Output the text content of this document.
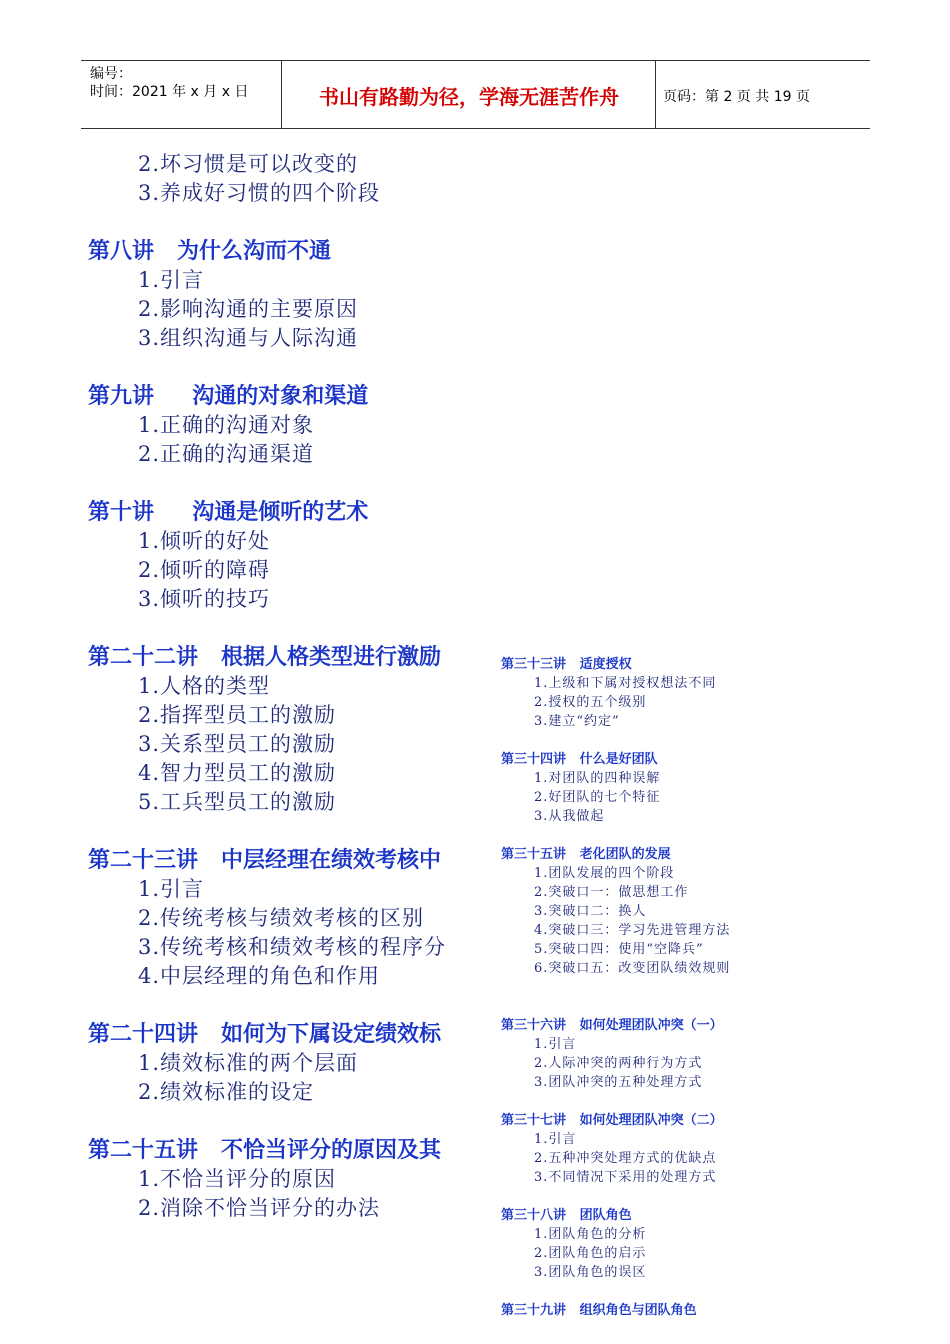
编号：
时间：2021 年 x 月 x 日	书山有路勤为径，学海无涯苦作舟	页码：第 2 页 共 19 页
2.坏习惯是可以改变的
3.养成好习惯的四个阶段
第八讲   为什么沟而不通
1.引言
2.影响沟通的主要原因
3.组织沟通与人际沟通
第九讲     沟通的对象和渠道
1.正确的沟通对象
2.正确的沟通渠道
第十讲     沟通是倾听的艺术
1.倾听的好处
2.倾听的障碍
3.倾听的技巧
第二十二讲   根据人格类型进行激励
1.人格的类型
2.指挥型员工的激励
3.关系型员工的激励
4.智力型员工的激励
5.工兵型员工的激励
第二十三讲   中层经理在绩效考核中
1.引言
2.传统考核与绩效考核的区别
3.传统考核和绩效考核的程序分
4.中层经理的角色和作用
第二十四讲   如何为下属设定绩效标
1.绩效标准的两个层面
2.绩效标准的设定
第二十五讲   不恰当评分的原因及其
1.不恰当评分的原因
2.消除不恰当评分的办法
第三十三讲   适度授权
1.上级和下属对授权想法不同
2.授权的五个级别
3.建立“约定”
第三十四讲   什么是好团队
1.对团队的四种误解
2.好团队的七个特征
3.从我做起
第三十五讲   老化团队的发展
1.团队发展的四个阶段
2.突破口一：做思想工作
3.突破口二：换人
4.突破口三：学习先进管理方法
5.突破口四：使用“空降兵”
6.突破口五：改变团队绩效规则
第三十六讲   如何处理团队冲突（一）
1.引言
2.人际冲突的两种行为方式
3.团队冲突的五种处理方式
第三十七讲   如何处理团队冲突（二）
1.引言
2.五种冲突处理方式的优缺点
3.不同情况下采用的处理方式
第三十八讲   团队角色
1.团队角色的分析
2.团队角色的启示
3.团队角色的误区
第三十九讲   组织角色与团队角色
